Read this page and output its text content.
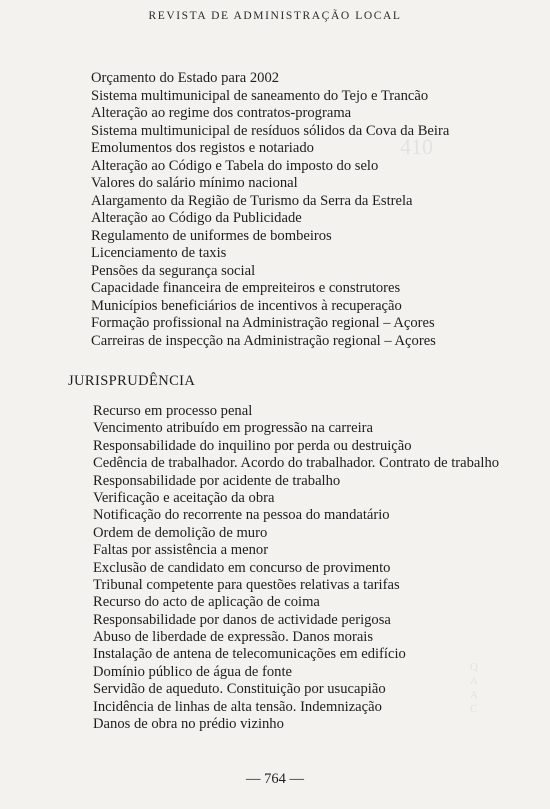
REVISTA DE ADMINISTRAÇÃO LOCAL
410
Q
A
A
C
Orçamento do Estado para 2002
Sistema multimunicipal de saneamento do Tejo e Trancão
Alteração ao regime dos contratos-programa
Sistema multimunicipal de resíduos sólidos da Cova da Beira
Emolumentos dos registos e notariado
Alteração ao Código e Tabela do imposto do selo
Valores do salário mínimo nacional
Alargamento da Região de Turismo da Serra da Estrela
Alteração ao Código da Publicidade
Regulamento de uniformes de bombeiros
Licenciamento de taxis
Pensões da segurança social
Capacidade financeira de empreiteiros e construtores
Municípios beneficiários de incentivos à recuperação
Formação profissional na Administração regional – Açores
Carreiras de inspecção na Administração regional – Açores
JURISPRUDÊNCIA
Recurso em processo penal
Vencimento atribuído em progressão na carreira
Responsabilidade do inquilino por perda ou destruição
Cedência de trabalhador. Acordo do trabalhador. Contrato de trabalho
Responsabilidade por acidente de trabalho
Verificação e aceitação da obra
Notificação do recorrente na pessoa do mandatário
Ordem de demolição de muro
Faltas por assistência a menor
Exclusão de candidato em concurso de provimento
Tribunal competente para questões relativas a tarifas
Recurso do acto de aplicação de coima
Responsabilidade por danos de actividade perigosa
Abuso de liberdade de expressão. Danos morais
Instalação de antena de telecomunicações em edifício
Domínio público de água de fonte
Servidão de aqueduto. Constituição por usucapião
Incidência de linhas de alta tensão. Indemnização
Danos de obra no prédio vizinho
— 764 —
